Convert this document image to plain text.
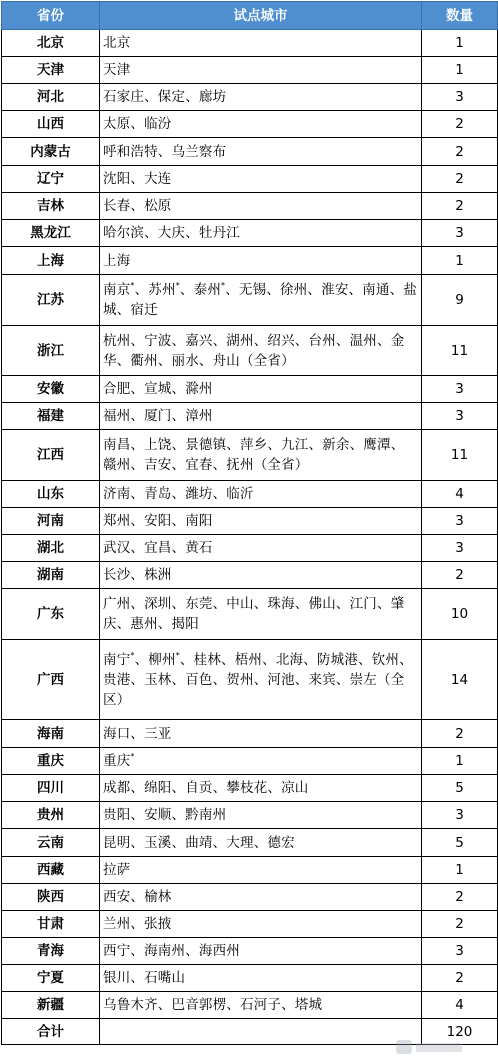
省份	试点城市	数量
北京	北京	1
天津	天津	1
河北	石家庄、保定、廊坊	3
山西	太原、临汾	2
内蒙古	呼和浩特、乌兰察布	2
辽宁	沈阳、大连	2
吉林	长春、松原	2
黑龙江	哈尔滨、大庆、牡丹江	3
上海	上海	1
江苏	南京*、苏州*、泰州*、无锡、徐州、淮安、南通、盐城、宿迁	9
浙江	杭州、宁波、嘉兴、湖州、绍兴、台州、温州、金华、衢州、丽水、舟山（全省）	11
安徽	合肥、宣城、滁州	3
福建	福州、厦门、漳州	3
江西	南昌、上饶、景德镇、萍乡、九江、新余、鹰潭、赣州、吉安、宜春、抚州（全省）	11
山东	济南、青岛、潍坊、临沂	4
河南	郑州、安阳、南阳	3
湖北	武汉、宜昌、黄石	3
湖南	长沙、株洲	2
广东	广州、深圳、东莞、中山、珠海、佛山、江门、肇庆、惠州、揭阳	10
广西	南宁*、柳州*、桂林、梧州、北海、防城港、钦州、贵港、玉林、百色、贺州、河池、来宾、崇左（全区）	14
海南	海口、三亚	2
重庆	重庆*	1
四川	成都、绵阳、自贡、攀枝花、凉山	5
贵州	贵阳、安顺、黔南州	3
云南	昆明、玉溪、曲靖、大理、德宏	5
西藏	拉萨	1
陕西	西安、榆林	2
甘肃	兰州、张掖	2
青海	西宁、海南州、海西州	3
宁夏	银川、石嘴山	2
新疆	乌鲁木齐、巴音郭楞、石河子、塔城	4
合计		120
